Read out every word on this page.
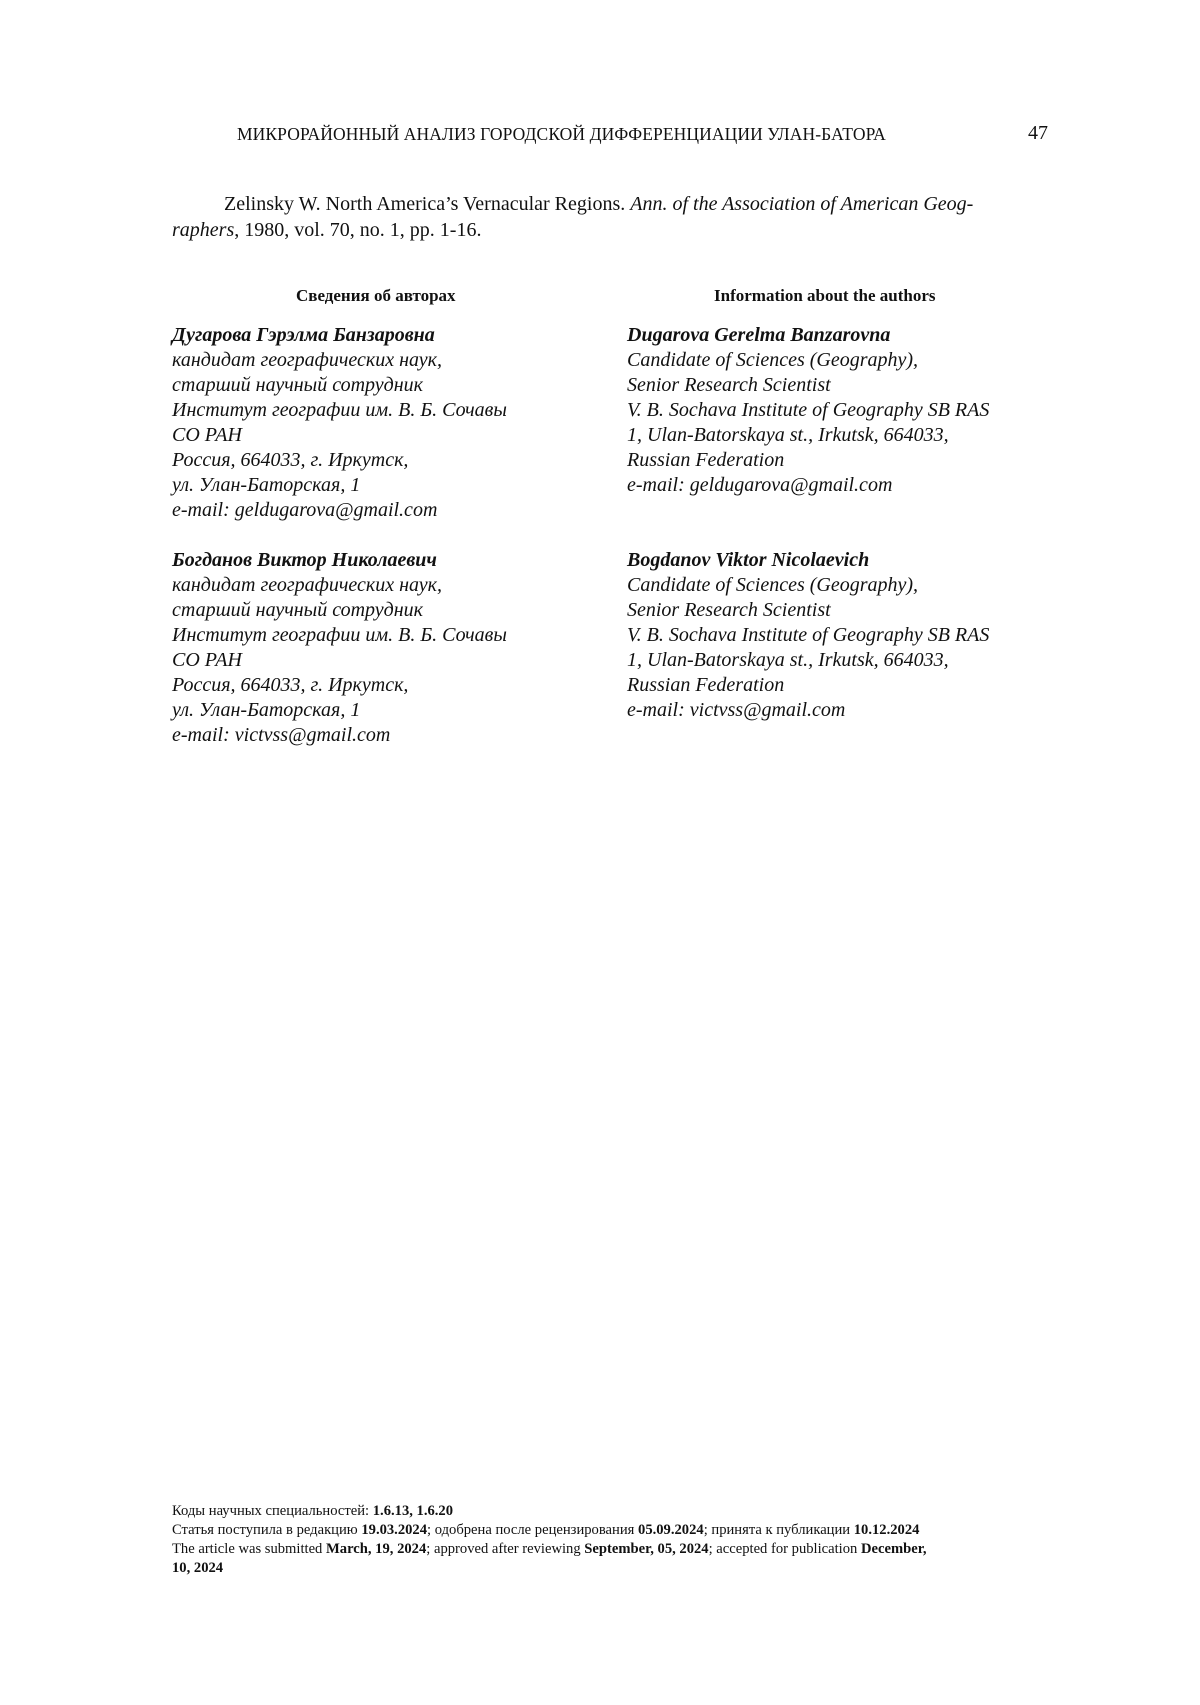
МИКРОРАЙОННЫЙ АНАЛИЗ ГОРОДСКОЙ ДИФФЕРЕНЦИАЦИИ УЛАН-БАТОРА	47
Zelinsky W. North America’s Vernacular Regions. Ann. of the Association of American Geog-
raphers, 1980, vol. 70, no. 1, pp. 1-16.
Сведения об авторах	Information about the authors
Дугарова Гэрэлма Банзаровна
кандидат географических наук,
старший научный сотрудник
Институт географии им. В. Б. Сочавы
СО РАН
Россия, 664033, г. Иркутск,
ул. Улан-Баторская, 1
e-mail: geldugarova@gmail.com
Dugarova Gerelma Banzarovna
Candidate of Sciences (Geography),
Senior Research Scientist
V. B. Sochava Institute of Geography SB RAS
1, Ulan-Batorskaya st., Irkutsk, 664033,
Russian Federation
e-mail: geldugarova@gmail.com
Богданов Виктор Николаевич
кандидат географических наук,
старший научный сотрудник
Институт географии им. В. Б. Сочавы
СО РАН
Россия, 664033, г. Иркутск,
ул. Улан-Баторская, 1
e-mail: victvss@gmail.com
Bogdanov Viktor Nicolaevich
Candidate of Sciences (Geography),
Senior Research Scientist
V. B. Sochava Institute of Geography SB RAS
1, Ulan-Batorskaya st., Irkutsk, 664033,
Russian Federation
e-mail: victvss@gmail.com
Коды научных специальностей: 1.6.13, 1.6.20
Статья поступила в редакцию 19.03.2024; одобрена после рецензирования 05.09.2024; принята к публикации 10.12.2024
The article was submitted March, 19, 2024; approved after reviewing September, 05, 2024; accepted for publication December,
10, 2024
